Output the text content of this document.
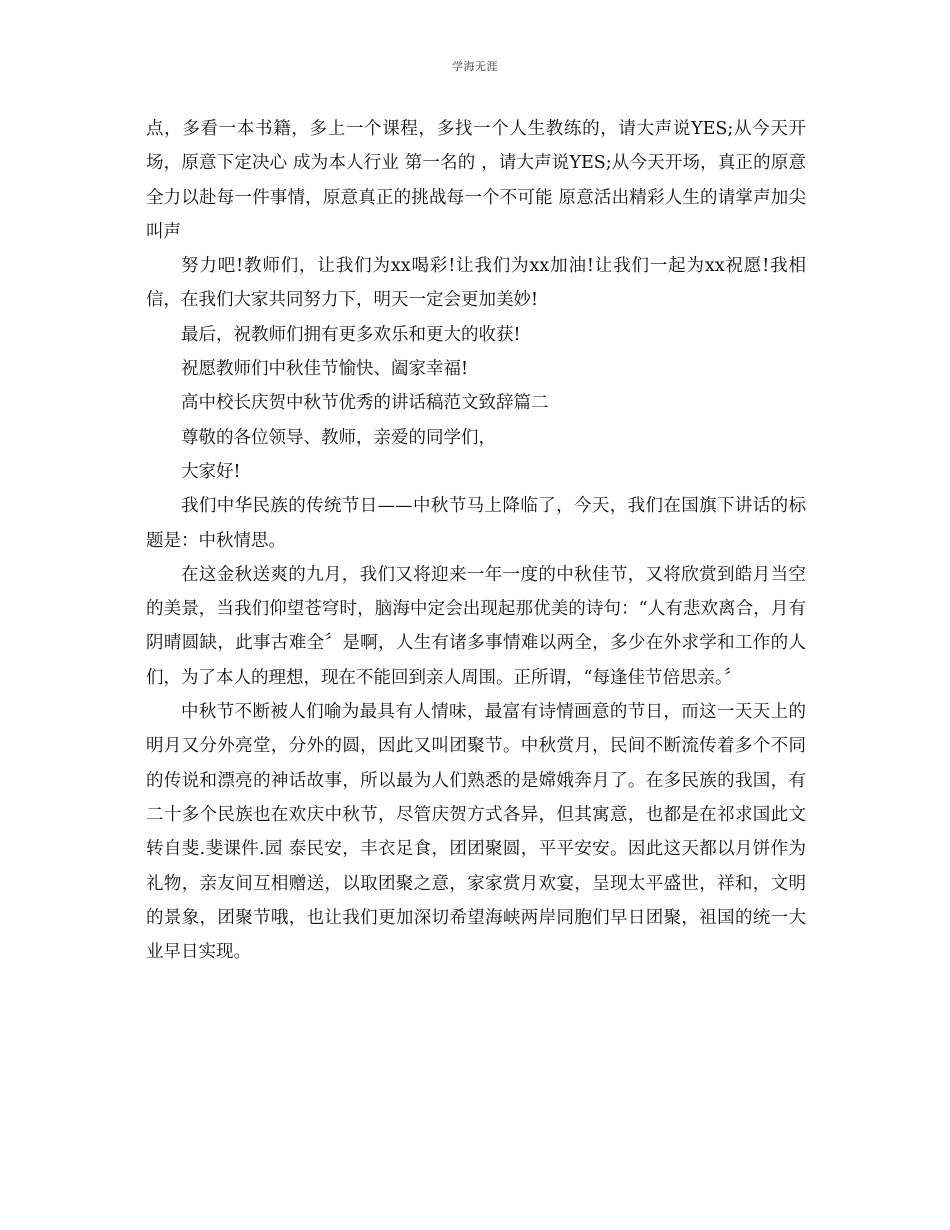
学海无涯

点，多看一本书籍，多上一个课程，多找一个人生教练的，请大声说YES;从今天开场，原意下定决心 成为本人行业 第一名的 ，请大声说YES;从今天开场，真正的原意全力以赴每一件事情，原意真正的挑战每一个不可能 原意活出精彩人生的请掌声加尖叫声

努力吧!教师们，让我们为xx喝彩!让我们为xx加油!让我们一起为xx祝愿!我相信，在我们大家共同努力下，明天一定会更加美妙!

最后，祝教师们拥有更多欢乐和更大的收获!

祝愿教师们中秋佳节愉快、阖家幸福!

高中校长庆贺中秋节优秀的讲话稿范文致辞篇二

尊敬的各位领导、教师，亲爱的同学们，

大家好!

我们中华民族的传统节日——中秋节马上降临了，今天，我们在国旗下讲话的标题是：中秋情思。

在这金秋送爽的九月，我们又将迎来一年一度的中秋佳节，又将欣赏到皓月当空的美景，当我们仰望苍穹时，脑海中定会出现起那优美的诗句：“人有悲欢离合，月有阴晴圆缺，此事古难全〞是啊，人生有诸多事情难以两全，多少在外求学和工作的人们，为了本人的理想，现在不能回到亲人周围。正所谓，“每逢佳节倍思亲。〞

中秋节不断被人们喻为最具有人情味，最富有诗情画意的节日，而这一天天上的明月又分外亮堂，分外的圆，因此又叫团聚节。中秋赏月，民间不断流传着多个不同的传说和漂亮的神话故事，所以最为人们熟悉的是嫦娥奔月了。在多民族的我国，有二十多个民族也在欢庆中秋节，尽管庆贺方式各异，但其寓意，也都是在祁求国此文转自斐.斐课件.园 泰民安，丰衣足食，团团聚圆，平平安安。因此这天都以月饼作为礼物，亲友间互相赠送，以取团聚之意，家家赏月欢宴，呈现太平盛世，祥和，文明的景象，团聚节哦，也让我们更加深切希望海峡两岸同胞们早日团聚，祖国的统一大业早日实现。
